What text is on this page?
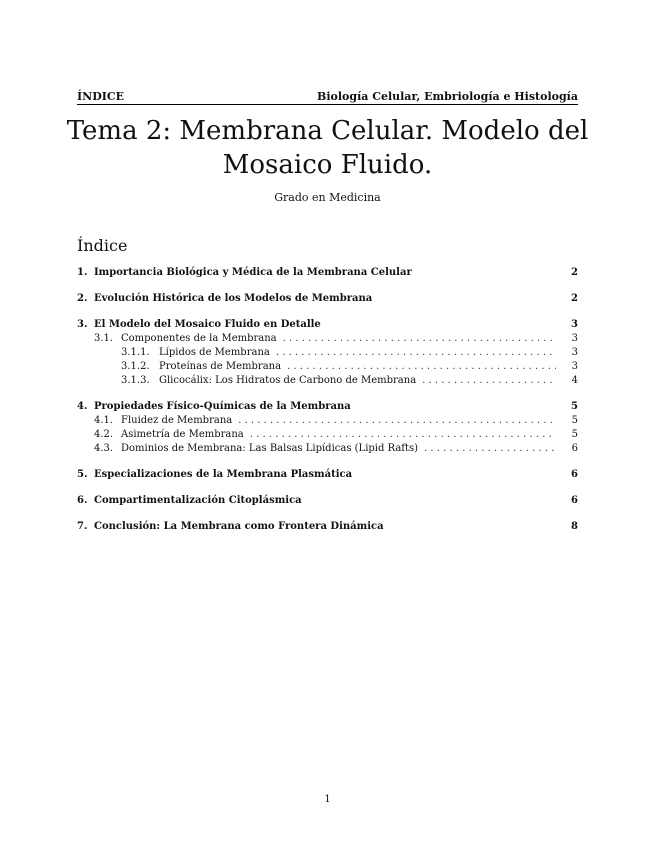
ÍNDICE	Biología Celular, Embriología e Histología
Tema 2: Membrana Celular. Modelo del Mosaico Fluido.
Grado en Medicina
Índice
1. Importancia Biológica y Médica de la Membrana Celular	2
2. Evolución Histórica de los Modelos de Membrana	2
3. El Modelo del Mosaico Fluido en Detalle	3
3.1. Componentes de la Membrana . . .	3
3.1.1. Lípidos de Membrana . . .	3
3.1.2. Proteínas de Membrana . . .	3
3.1.3. Glicocálix: Los Hidratos de Carbono de Membrana . . .	4
4. Propiedades Físico-Químicas de la Membrana	5
4.1. Fluidez de Membrana . . .	5
4.2. Asimetría de Membrana . . .	5
4.3. Dominios de Membrana: Las Balsas Lipídicas (Lipid Rafts) . . .	6
5. Especializaciones de la Membrana Plasmática	6
6. Compartimentalización Citoplásmica	6
7. Conclusión: La Membrana como Frontera Dinámica	8
1
